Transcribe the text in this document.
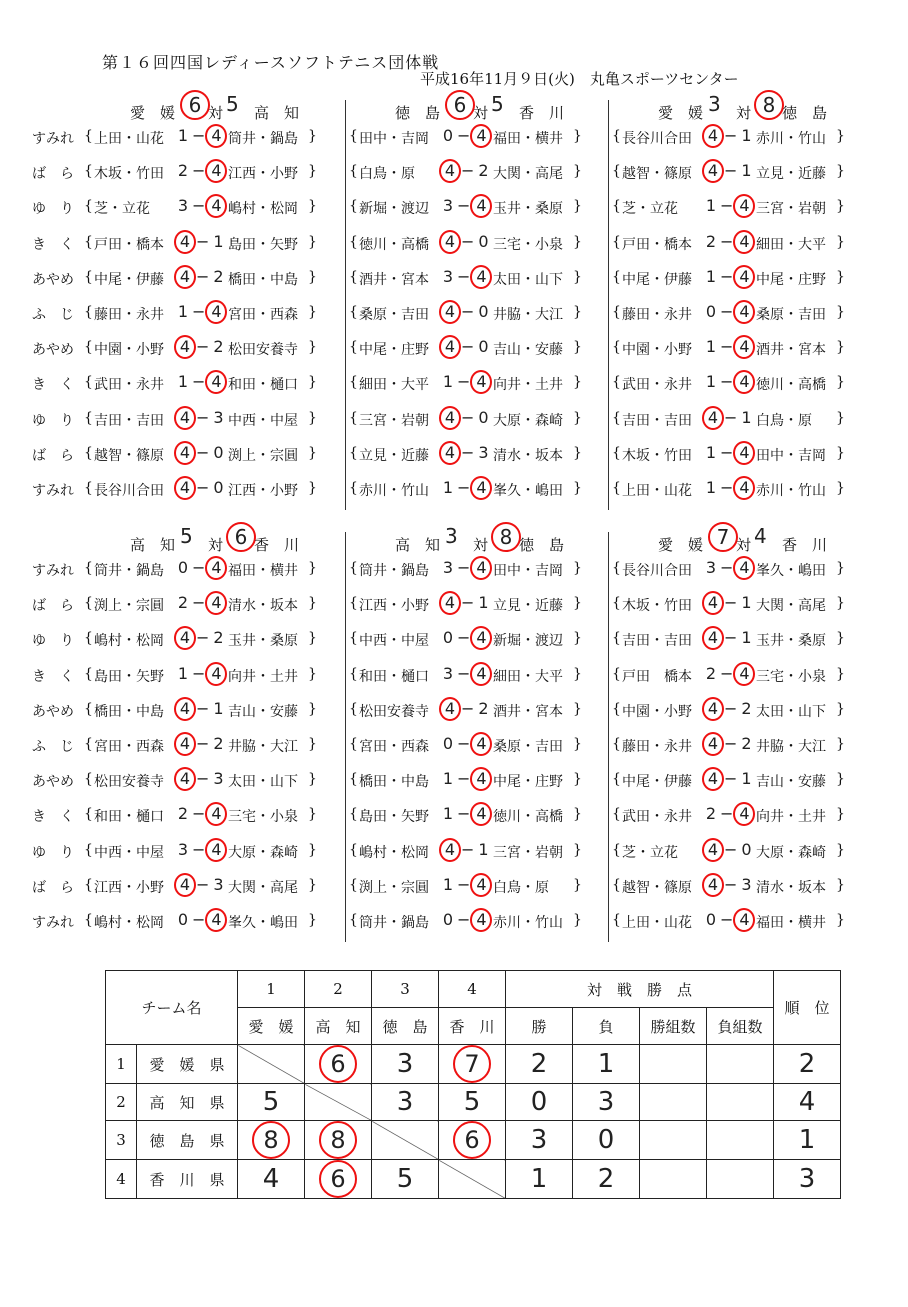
第１６回四国レディースソフトテニス団体戦
平成16年11月９日(火)　丸亀スポーツセンター
愛　媛 6 対 5 高　知
すみれ { 上田・山花 1 − 4 筒井・鍋島 }
ば　ら { 木坂・竹田 2 − 4 江西・小野 }
ゆ　り { 芝・立花 3 − 4 嶋村・松岡 }
き　く { 戸田・橋本 4 − 1 島田・矢野 }
あやめ { 中尾・伊藤 4 − 2 橋田・中島 }
ふ　じ { 藤田・永井 1 − 4 宮田・西森 }
あやめ { 中園・小野 4 − 2 松田安養寺 }
き　く { 武田・永井 1 − 4 和田・樋口 }
ゆ　り { 吉田・吉田 4 − 3 中西・中屋 }
ば　ら { 越智・篠原 4 − 0 渕上・宗圓 }
すみれ { 長谷川合田 4 − 0 江西・小野 }
徳　島 6 対 5 香　川
{ 田中・吉岡 0 − 4 福田・横井 }
{ 白鳥・原	4 − 2 大関・高尾 }
{ 新堀・渡辺 3 − 4 玉井・桑原 }
{ 徳川・高橋 4 − 0 三宅・小泉 }
{ 酒井・宮本 3 − 4 太田・山下 }
{ 桑原・吉田 4 − 0 井脇・大江 }
{ 中尾・庄野 4 − 0 吉山・安藤 }
{ 細田・大平 1 − 4 向井・土井 }
{ 三宮・岩朝 4 − 0 大原・森崎 }
{ 立見・近藤 4 − 3 清水・坂本 }
{ 赤川・竹山 1 − 4 峯久・嶋田 }
愛　媛 3 対 8 徳　島
{ 長谷川合田 4 − 1 赤川・竹山 }
{ 越智・篠原 4 − 1 立見・近藤 }
{ 芝・立花 1 − 4 三宮・岩朝 }
{ 戸田・橋本 2 − 4 細田・大平 }
{ 中尾・伊藤 1 − 4 中尾・庄野 }
{ 藤田・永井 0 − 4 桑原・吉田 }
{ 中園・小野 1 − 4 酒井・宮本 }
{ 武田・永井 1 − 4 徳川・高橋 }
{ 吉田・吉田 4 − 1 白鳥・原 }
{ 木坂・竹田 1 − 4 田中・吉岡 }
{ 上田・山花 1 − 4 赤川・竹山 }
高　知 5 対 6 香　川
すみれ { 筒井・鍋島 0 − 4 福田・横井 }
ば　ら { 渕上・宗圓 2 − 4 清水・坂本 }
ゆ　り { 嶋村・松岡 4 − 2 玉井・桑原 }
き　く { 島田・矢野 1 − 4 向井・土井 }
あやめ { 橋田・中島 4 − 1 吉山・安藤 }
ふ　じ { 宮田・西森 4 − 2 井脇・大江 }
あやめ { 松田安養寺 4 − 3 太田・山下 }
き　く { 和田・樋口 2 − 4 三宅・小泉 }
ゆ　り { 中西・中屋 3 − 4 大原・森崎 }
ば　ら { 江西・小野 4 − 3 大関・高尾 }
すみれ { 嶋村・松岡 0 − 4 峯久・嶋田 }
高　知 3 対 8 徳　島
{ 筒井・鍋島 3 − 4 田中・吉岡 }
{ 江西・小野 4 − 1 立見・近藤 }
{ 中西・中屋 0 − 4 新堀・渡辺 }
{ 和田・樋口 3 − 4 細田・大平 }
{ 松田安養寺 4 − 2 酒井・宮本 }
{ 宮田・西森 0 − 4 桑原・吉田 }
{ 橋田・中島 1 − 4 中尾・庄野 }
{ 島田・矢野 1 − 4 徳川・高橋 }
{ 嶋村・松岡 4 − 1 三宮・岩朝 }
{ 渕上・宗圓 1 − 4 白鳥・原 }
{ 筒井・鍋島 0 − 4 赤川・竹山 }
愛　媛 7 対 4 香　川
{ 長谷川合田 3 − 4 峯久・嶋田 }
{ 木坂・竹田 4 − 1 大関・高尾 }
{ 吉田・吉田 4 − 1 玉井・桑原 }
{ 戸田　橋本 2 − 4 三宅・小泉 }
{ 中園・小野 4 − 2 太田・山下 }
{ 藤田・永井 4 − 2 井脇・大江 }
{ 中尾・伊藤 4 − 1 吉山・安藤 }
{ 武田・永井 2 − 4 向井・土井 }
{ 芝・立花	4 − 0 大原・森崎 }
{ 越智・篠原 4 − 3 清水・坂本 }
{ 上田・山花 0 − 4 福田・横井 }
チーム名		1	2	3	4	対　戦　勝　点				順　位
		愛　媛	高　知	徳　島	香　川	勝	負	勝組数	負組数	
1	愛　媛　県		6	3	7	2	1			2
2	高　知　県	5		3	5	0	3			4
3	徳　島　県	8	8		6	3	0			1
4	香　川　県	4	6	5		1	2			3
